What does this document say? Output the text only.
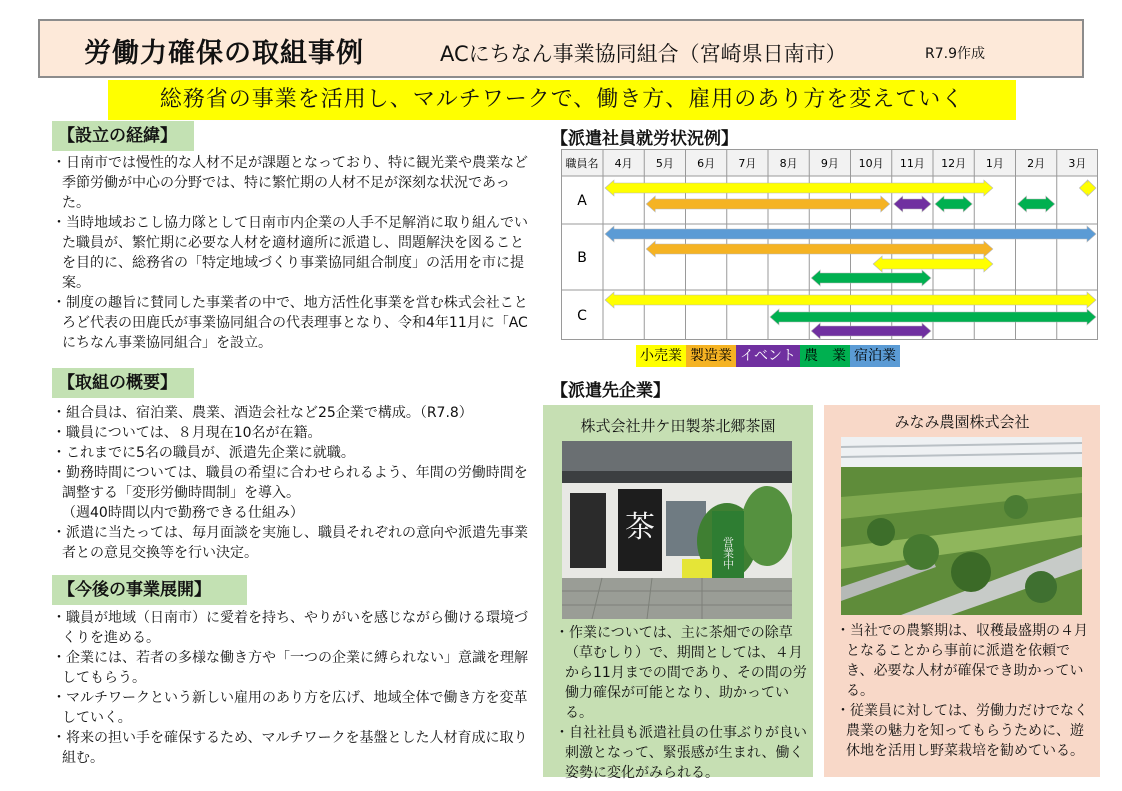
労働力確保の取組事例	ACにちなん事業協同組合（宮崎県日南市）	R7.9作成
総務省の事業を活用し、マルチワークで、働き方、雇用のあり方を変えていく
【設立の経緯】

・日南市では慢性的な人材不足が課題となっており、特に観光業や農業など季節労働が中心の分野では、特に繁忙期の人材不足が深刻な状況であった。

・当時地域おこし協力隊として日南市内企業の人手不足解消に取り組んでいた職員が、繁忙期に必要な人材を適材適所に派遣し、問題解決を図ることを目的に、総務省の「特定地域づくり事業協同組合制度」の活用を市に提案。

・制度の趣旨に賛同した事業者の中で、地方活性化事業を営む株式会社ことろど代表の田鹿氏が事業協同組合の代表理事となり、令和4年11月に「ACにちなん事業協同組合」を設立。

【取組の概要】

・組合員は、宿泊業、農業、酒造会社など25企業で構成。（R7.8）

・職員については、８月現在10名が在籍。

・これまでに5名の職員が、派遣先企業に就職。

・勤務時間については、職員の希望に合わせられるよう、年間の労働時間を調整する「変形労働時間制」を導入。

（週40時間以内で勤務できる仕組み）

・派遣に当たっては、毎月面談を実施し、職員それぞれの意向や派遣先事業者との意見交換等を行い決定。

【今後の事業展開】

・職員が地域（日南市）に愛着を持ち、やりがいを感じながら働ける環境づくりを進める。

・企業には、若者の多様な働き方や「一つの企業に縛られない」意識を理解してもらう。

・マルチワークという新しい雇用のあり方を広げ、地域全体で働き方を変革していく。

・将来の担い手を確保するため、マルチワークを基盤とした人材育成に取り組む。

【派遣社員就労状況例】
職員名 4月 5月 6月 7月 8月 9月 10月 11月 12月 1月 2月 3月
A
B
C
小売業 製造業 イベント 農　業 宿泊業
【派遣先企業】
株式会社井ケ田製茶北郷茶園
茶
営業中

・作業については、主に茶畑での除草（草むしり）で、期間としては、４月から11月までの間であり、その間の労働力確保が可能となり、助かっている。

・自社社員も派遣社員の仕事ぶりが良い刺激となって、緊張感が生まれ、働く姿勢に変化がみられる。

みなみ農園株式会社

・当社での農繁期は、収穫最盛期の４月となることから事前に派遣を依頼でき、必要な人材が確保でき助かっている。

・従業員に対しては、労働力だけでなく農業の魅力を知ってもらうために、遊休地を活用し野菜栽培を勧めている。
